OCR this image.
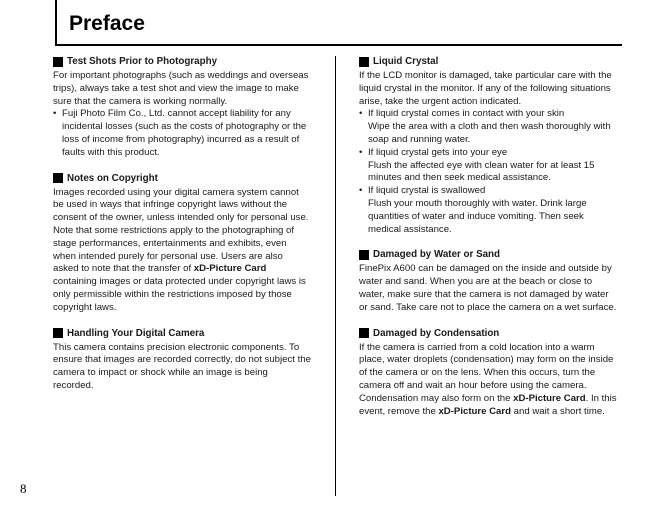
Preface
Test Shots Prior to Photography

For important photographs (such as weddings and overseas trips), always take a test shot and view the image to make sure that the camera is working normally.

• Fuji Photo Film Co., Ltd. cannot accept liability for any incidental losses (such as the costs of photography or the loss of income from photography) incurred as a result of faults with this product.
Notes on Copyright

Images recorded using your digital camera system cannot be used in ways that infringe copyright laws without the consent of the owner, unless intended only for personal use. Note that some restrictions apply to the photographing of stage performances, entertainments and exhibits, even when intended purely for personal use. Users are also asked to note that the transfer of xD-Picture Card containing images or data protected under copyright laws is only permissible within the restrictions imposed by those copyright laws.

Handling Your Digital Camera

This camera contains precision electronic components. To ensure that images are recorded correctly, do not subject the camera to impact or shock while an image is being recorded.

Liquid Crystal

If the LCD monitor is damaged, take particular care with the liquid crystal in the monitor. If any of the following situations arise, take the urgent action indicated.

• If liquid crystal comes in contact with your skin
Wipe the area with a cloth and then wash thoroughly with soap and running water.
• If liquid crystal gets into your eye
Flush the affected eye with clean water for at least 15 minutes and then seek medical assistance.
• If liquid crystal is swallowed
Flush your mouth thoroughly with water. Drink large quantities of water and induce vomiting. Then seek medical assistance.
Damaged by Water or Sand

FinePix A600 can be damaged on the inside and outside by water and sand. When you are at the beach or close to water, make sure that the camera is not damaged by water or sand. Take care not to place the camera on a wet surface.

Damaged by Condensation

If the camera is carried from a cold location into a warm place, water droplets (condensation) may form on the inside of the camera or on the lens. When this occurs, turn the camera off and wait an hour before using the camera. Condensation may also form on the xD-Picture Card. In this event, remove the xD-Picture Card and wait a short time.

8
